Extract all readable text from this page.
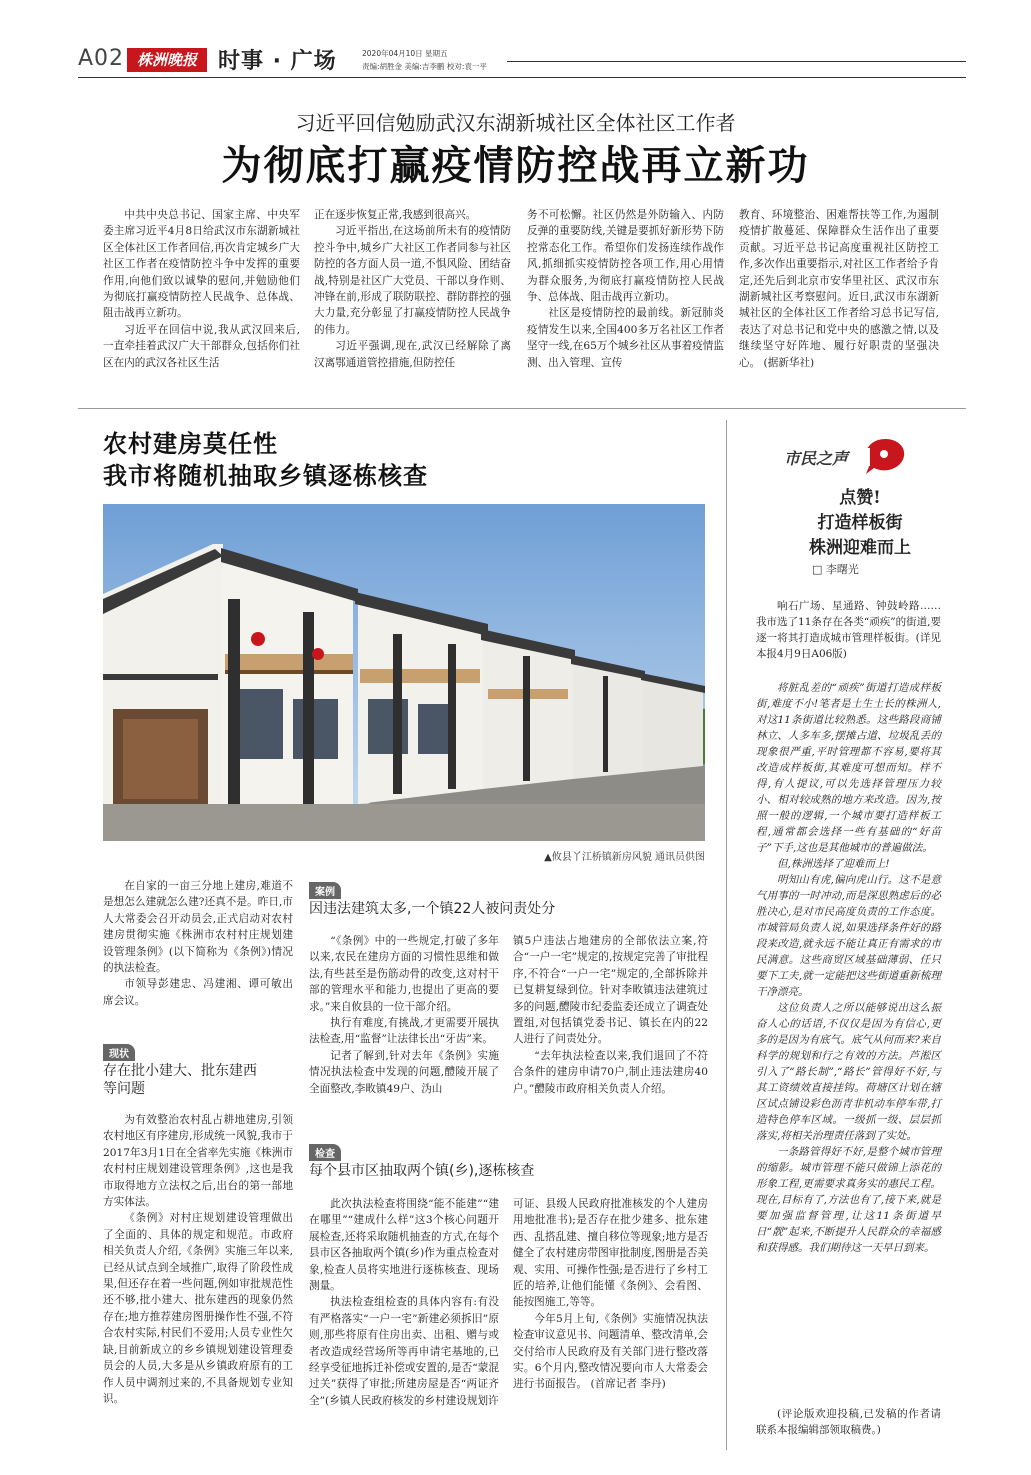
A02 株洲晚报 时事 · 广场	2020年04月10日 星期五
责编:胡胜金 美编:吉李鹏 校对:袁一平
习近平回信勉励武汉东湖新城社区全体社区工作者
为彻底打赢疫情防控战再立新功

中共中央总书记、国家主席、中央军委主席习近平4月8日给武汉市东湖新城社区全体社区工作者回信,再次肯定城乡广大社区工作者在疫情防控斗争中发挥的重要作用,向他们致以诚挚的慰问,并勉励他们为彻底打赢疫情防控人民战争、总体战、阻击战再立新功。

习近平在回信中说,我从武汉回来后,一直牵挂着武汉广大干部群众,包括你们社区在内的武汉各社区生活

正在逐步恢复正常,我感到很高兴。

习近平指出,在这场前所未有的疫情防控斗争中,城乡广大社区工作者同参与社区防控的各方面人员一道,不惧风险、团结奋战,特别是社区广大党员、干部以身作则、冲锋在前,形成了联防联控、群防群控的强大力量,充分彰显了打赢疫情防控人民战争的伟力。

习近平强调,现在,武汉已经解除了离汉离鄂通道管控措施,但防控任

务不可松懈。社区仍然是外防输入、内防反弹的重要防线,关键是要抓好新形势下防控常态化工作。希望你们发扬连续作战作风,抓细抓实疫情防控各项工作,用心用情为群众服务,为彻底打赢疫情防控人民战争、总体战、阻击战再立新功。

社区是疫情防控的最前线。新冠肺炎疫情发生以来,全国400多万名社区工作者坚守一线,在65万个城乡社区从事着疫情监测、出入管理、宣传

教育、环境整治、困难帮扶等工作,为遏制疫情扩散蔓延、保障群众生活作出了重要贡献。习近平总书记高度重视社区防控工作,多次作出重要指示,对社区工作者给予肯定,还先后到北京市安华里社区、武汉市东湖新城社区考察慰问。近日,武汉市东湖新城社区的全体社区工作者给习总书记写信,表达了对总书记和党中央的感激之情,以及继续坚守好阵地、履行好职责的坚强决心。 (据新华社)

农村建房莫任性
我市将随机抽取乡镇逐栋核查
▲攸县丫江桥镇新房风貌 通讯员供图

在自家的一亩三分地上建房,难道不是想怎么建就怎么建?还真不是。昨日,市人大常委会召开动员会,正式启动对农村建房贯彻实施《株洲市农村村庄规划建设管理条例》(以下简称为《条例》)情况的执法检查。

市领导彭建忠、冯建湘、谭可敏出席会议。

现状
存在批小建大、批东建西
等问题

为有效整治农村乱占耕地建房,引领农村地区有序建房,形成统一风貌,我市于2017年3月1日在全省率先实施《株洲市农村村庄规划建设管理条例》,这也是我市取得地方立法权之后,出台的第一部地方实体法。

《条例》对村庄规划建设管理做出了全面的、具体的规定和规范。市政府相关负责人介绍,《条例》实施三年以来,已经从试点到全域推广,取得了阶段性成果,但还存在着一些问题,例如审批规范性还不够,批小建大、批东建西的现象仍然存在;地方推荐建房图册操作性不强,不符合农村实际,村民们不爱用;人员专业性欠缺,目前新成立的乡乡镇规划建设管理委员会的人员,大多是从乡镇政府原有的工作人员中调剂过来的,不具备规划专业知识。

案例
因违法建筑太多,一个镇22人被问责处分

“《条例》中的一些规定,打破了多年以来,农民在建房方面的习惯性思维和做法,有些甚至是伤筋动骨的改变,这对村干部的管理水平和能力,也提出了更高的要求。”来自攸县的一位干部介绍。

执行有难度,有挑战,才更需要开展执法检查,用“监督”让法律长出“牙齿”来。

记者了解到,针对去年《条例》实施情况执法检查中发现的问题,醴陵开展了全面整改,李畋镇49户、沩山

镇5户违法占地建房的全部依法立案,符合“一户一宅”规定的,按规定完善了审批程序,不符合“一户一宅”规定的,全部拆除并已复耕复绿到位。针对李畋镇违法建筑过多的问题,醴陵市纪委监委还成立了调查处置组,对包括镇党委书记、镇长在内的22人进行了问责处分。

“去年执法检查以来,我们退回了不符合条件的建房申请70户,制止违法建房40户。”醴陵市政府相关负责人介绍。

检查
每个县市区抽取两个镇(乡),逐栋核查

此次执法检查将围绕“能不能建”“建在哪里”“建成什么样”这3个核心问题开展检查,还将采取随机抽查的方式,在每个县市区各抽取两个镇(乡)作为重点检查对象,检查人员将实地进行逐栋核查、现场测量。

执法检查组检查的具体内容有:有没有严格落实“一户一宅”新建必须拆旧”原则,那些将原有住房出卖、出租、赠与或者改造成经营场所等再申请宅基地的,已经享受征地拆迁补偿或安置的,是否“蒙混过关”获得了审批;所建房屋是否“两证齐全”(乡镇人民政府核发的乡村建设规划许

可证、县级人民政府批准核发的个人建房用地批准书);是否存在批少建多、批东建西、乱搭乱建、擅自移位等现象;地方是否健全了农村建房带图审批制度,图册是否美观、实用、可操作性强;是否进行了乡村工匠的培养,让他们能懂《条例》、会看图、能按图施工,等等。

今年5月上旬,《条例》实施情况执法检查审议意见书、问题清单、整改清单,会交付给市人民政府及有关部门进行整改落实。6个月内,整改情况要向市人大常委会进行书面报告。 (首席记者 李丹)

市民之声
点赞!
打造样板街
株洲迎难而上
□ 李曙光

响石广场、星通路、钟鼓岭路……我市选了11条存在各类“顽疾”的街道,要逐一将其打造成城市管理样板街。(详见本报4月9日A06版)

将脏乱差的“顽疾”街道打造成样板街,难度不小!笔者是土生土长的株洲人,对这11条街道比较熟悉。这些路段商铺林立、人多车多,摆摊占道、垃圾乱丢的现象很严重,平时管理都不容易,要将其改造成样板街,其难度可想而知。样不得,有人提议,可以先选择管理压力较小、相对较成熟的地方来改造。因为,按照一般的逻辑,一个城市要打造样板工程,通常都会选择一些有基础的“好苗子”下手,这也是其他城市的普遍做法。

但,株洲选择了迎难而上!

明知山有虎,偏向虎山行。这不是意气用事的一时冲动,而是深思熟虑后的必胜决心,是对市民高度负责的工作态度。市城管局负责人说,如果选择条件好的路段来改造,就永远不能让真正有需求的市民满意。这些商贸区域基础薄弱、任只要下工夫,就一定能把这些街道重新梳理干净漂亮。

这位负责人之所以能够说出这么振奋人心的话语,不仅仅是因为有信心,更多的是因为有底气。底气从何而来?来自科学的规划和行之有效的方法。芦淞区引入了“路长制”,“路长”管得好不好,与其工资绩效直接挂钩。荷塘区计划在辖区试点铺设彩色沥青非机动车停车带,打造特色停车区域。一级抓一级、层层抓落实,将相关治理责任落到了实处。

一条路管得好不好,是整个城市管理的缩影。城市管理不能只做锦上添花的形象工程,更需要求真务实的惠民工程。现在,目标有了,方法也有了,接下来,就是要加强监督管理,让这11条街道早日“靓”起来,不断提升人民群众的幸福感和获得感。我们期待这一天早日到来。

(评论版欢迎投稿,已发稿的作者请联系本报编辑部领取稿费。)
